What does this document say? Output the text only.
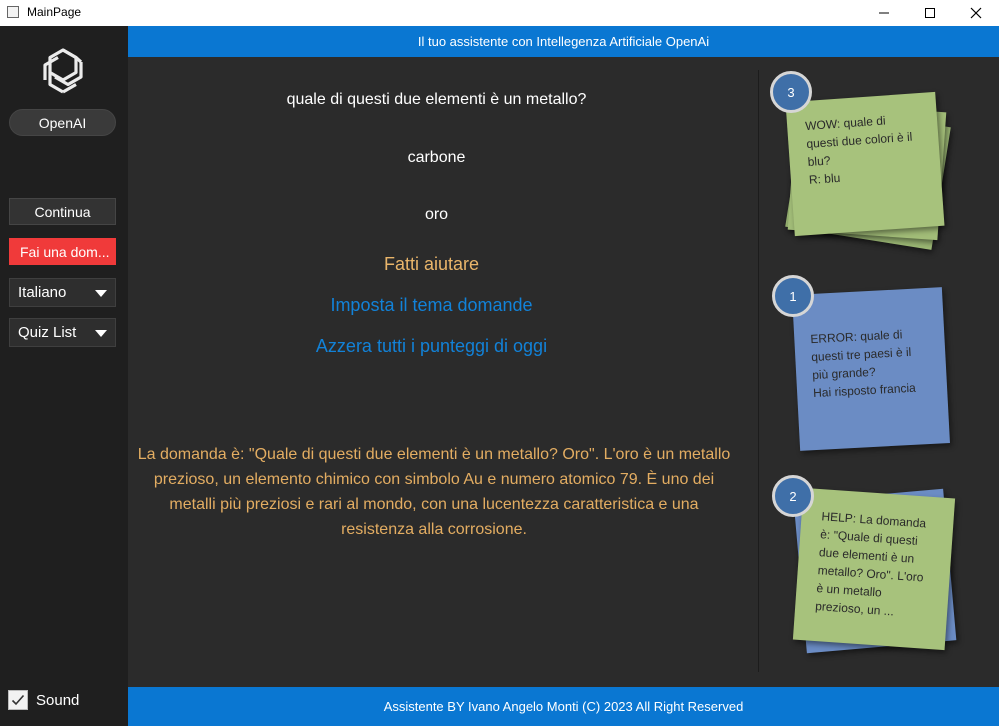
MainPage
OpenAI
Continua
Fai una dom...
Italiano
Quiz List
Sound
Il tuo assistente con Intellegenza Artificiale OpenAi
quale di questi due elementi è un metallo?
carbone
oro
Fatti aiutare
Imposta il tema domande
Azzera tutti i punteggi di oggi
La domanda è: "Quale di questi due elementi è un metallo? Oro". L'oro è un metallo prezioso, un elemento chimico con simbolo Au e numero atomico 79. È uno dei metalli più preziosi e rari al mondo, con una lucentezza caratteristica e una resistenza alla corrosione.
WOW: quale di
questi due colori è il
blu?
R: blu
3
ERROR: quale di
questi tre paesi è il
più grande?
Hai risposto francia
1
HELP: La domanda
è: "Quale di questi
due elementi è un
metallo? Oro". L'oro
è un metallo
prezioso, un ...
2
Assistente BY Ivano Angelo Monti (C) 2023 All Right Reserved
